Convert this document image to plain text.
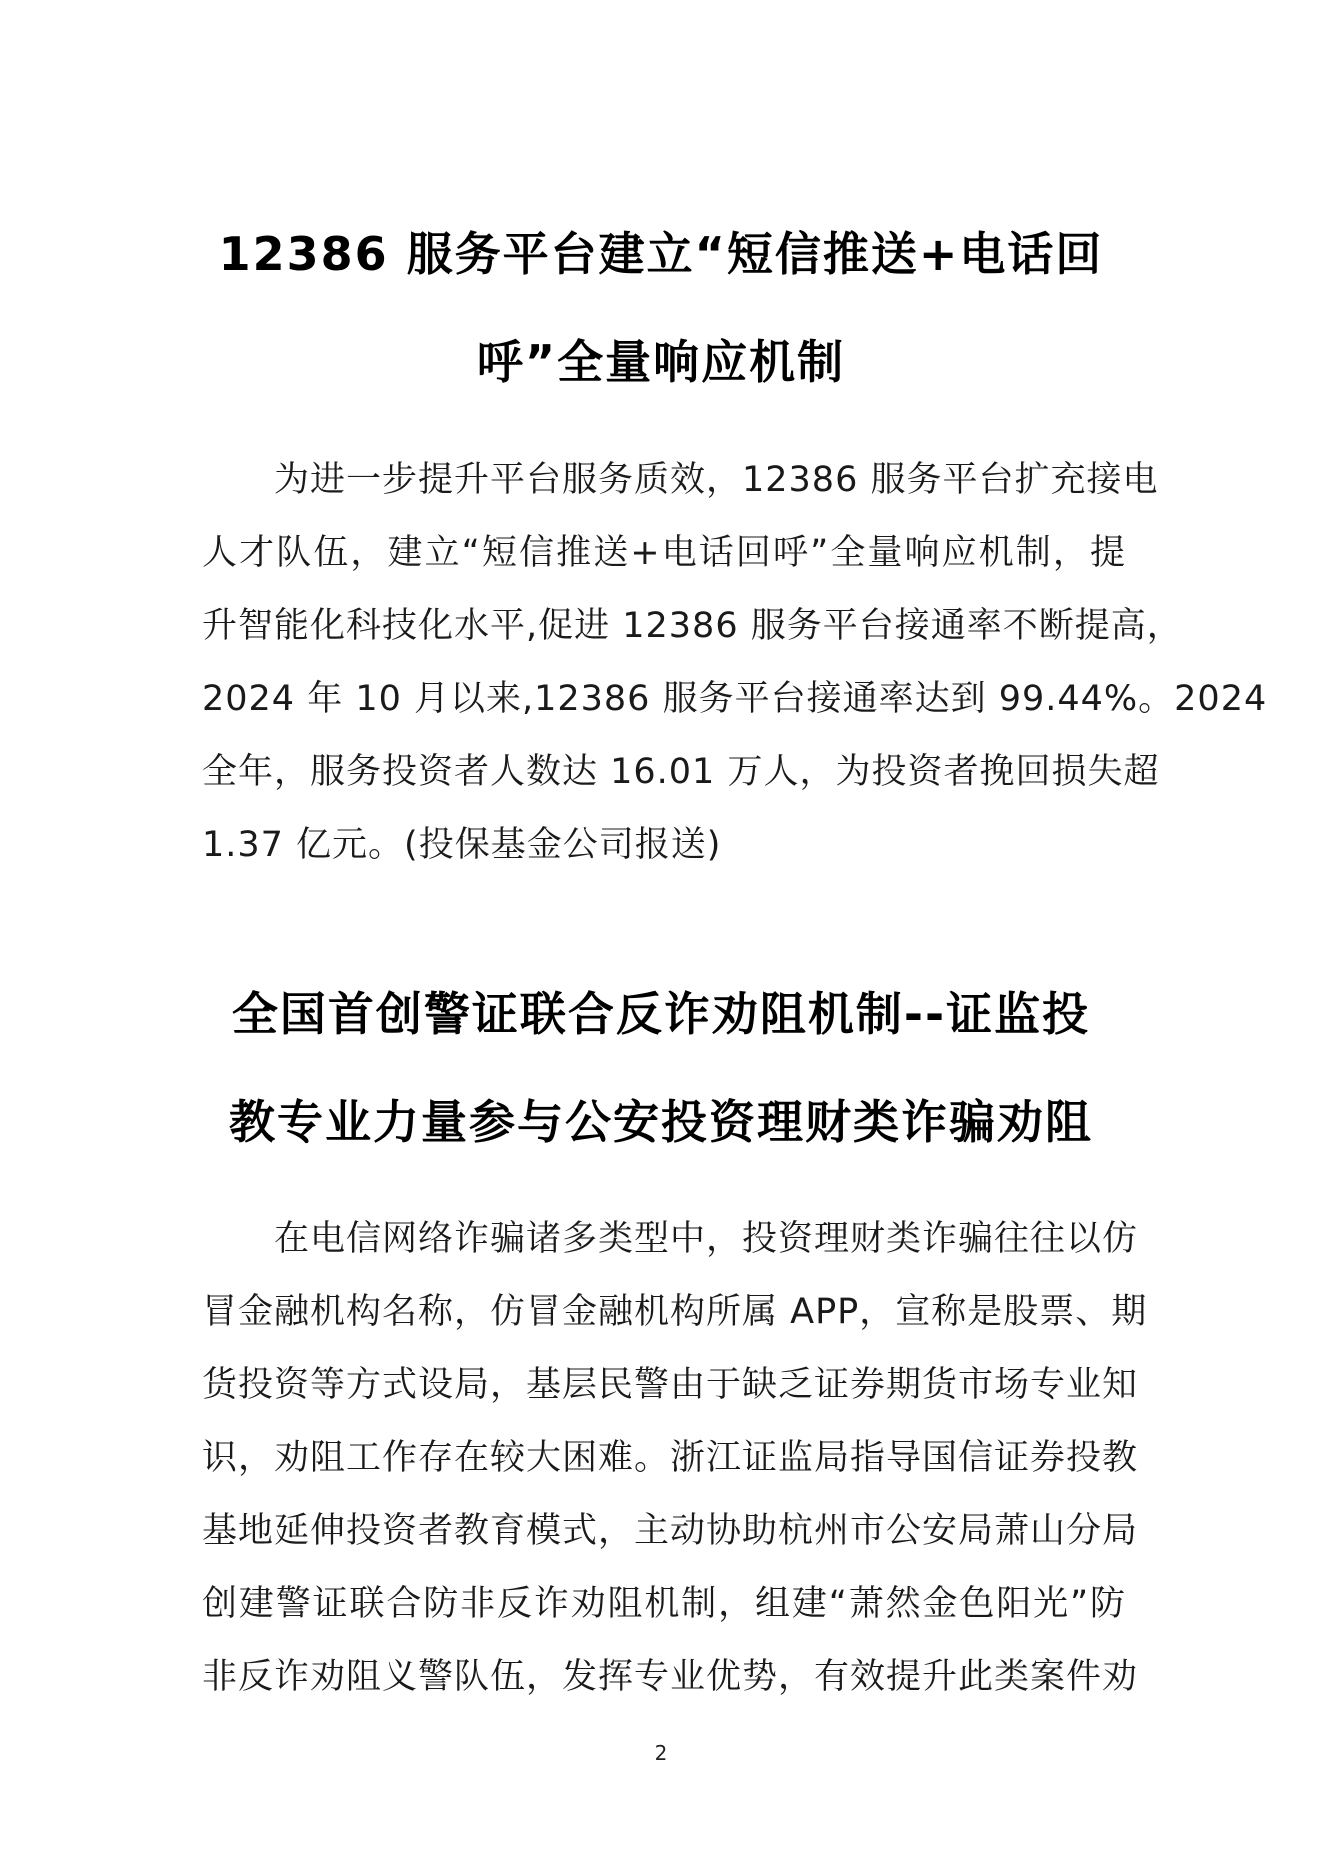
12386 服务平台建立“短信推送+电话回
呼”全量响应机制
　　为进一步提升平台服务质效，12386 服务平台扩充接电
人才队伍，建立“短信推送+电话回呼”全量响应机制，提
升智能化科技化水平,促进 12386 服务平台接通率不断提高，
2024 年 10 月以来,12386 服务平台接通率达到 99.44%。2024
全年，服务投资者人数达 16.01 万人，为投资者挽回损失超
1.37 亿元。(投保基金公司报送)
全国首创警证联合反诈劝阻机制--证监投
教专业力量参与公安投资理财类诈骗劝阻
　　在电信网络诈骗诸多类型中，投资理财类诈骗往往以仿
冒金融机构名称，仿冒金融机构所属 APP，宣称是股票、期
货投资等方式设局，基层民警由于缺乏证券期货市场专业知
识，劝阻工作存在较大困难。浙江证监局指导国信证券投教
基地延伸投资者教育模式，主动协助杭州市公安局萧山分局
创建警证联合防非反诈劝阻机制，组建“萧然金色阳光”防
非反诈劝阻义警队伍，发挥专业优势，有效提升此类案件劝
2
